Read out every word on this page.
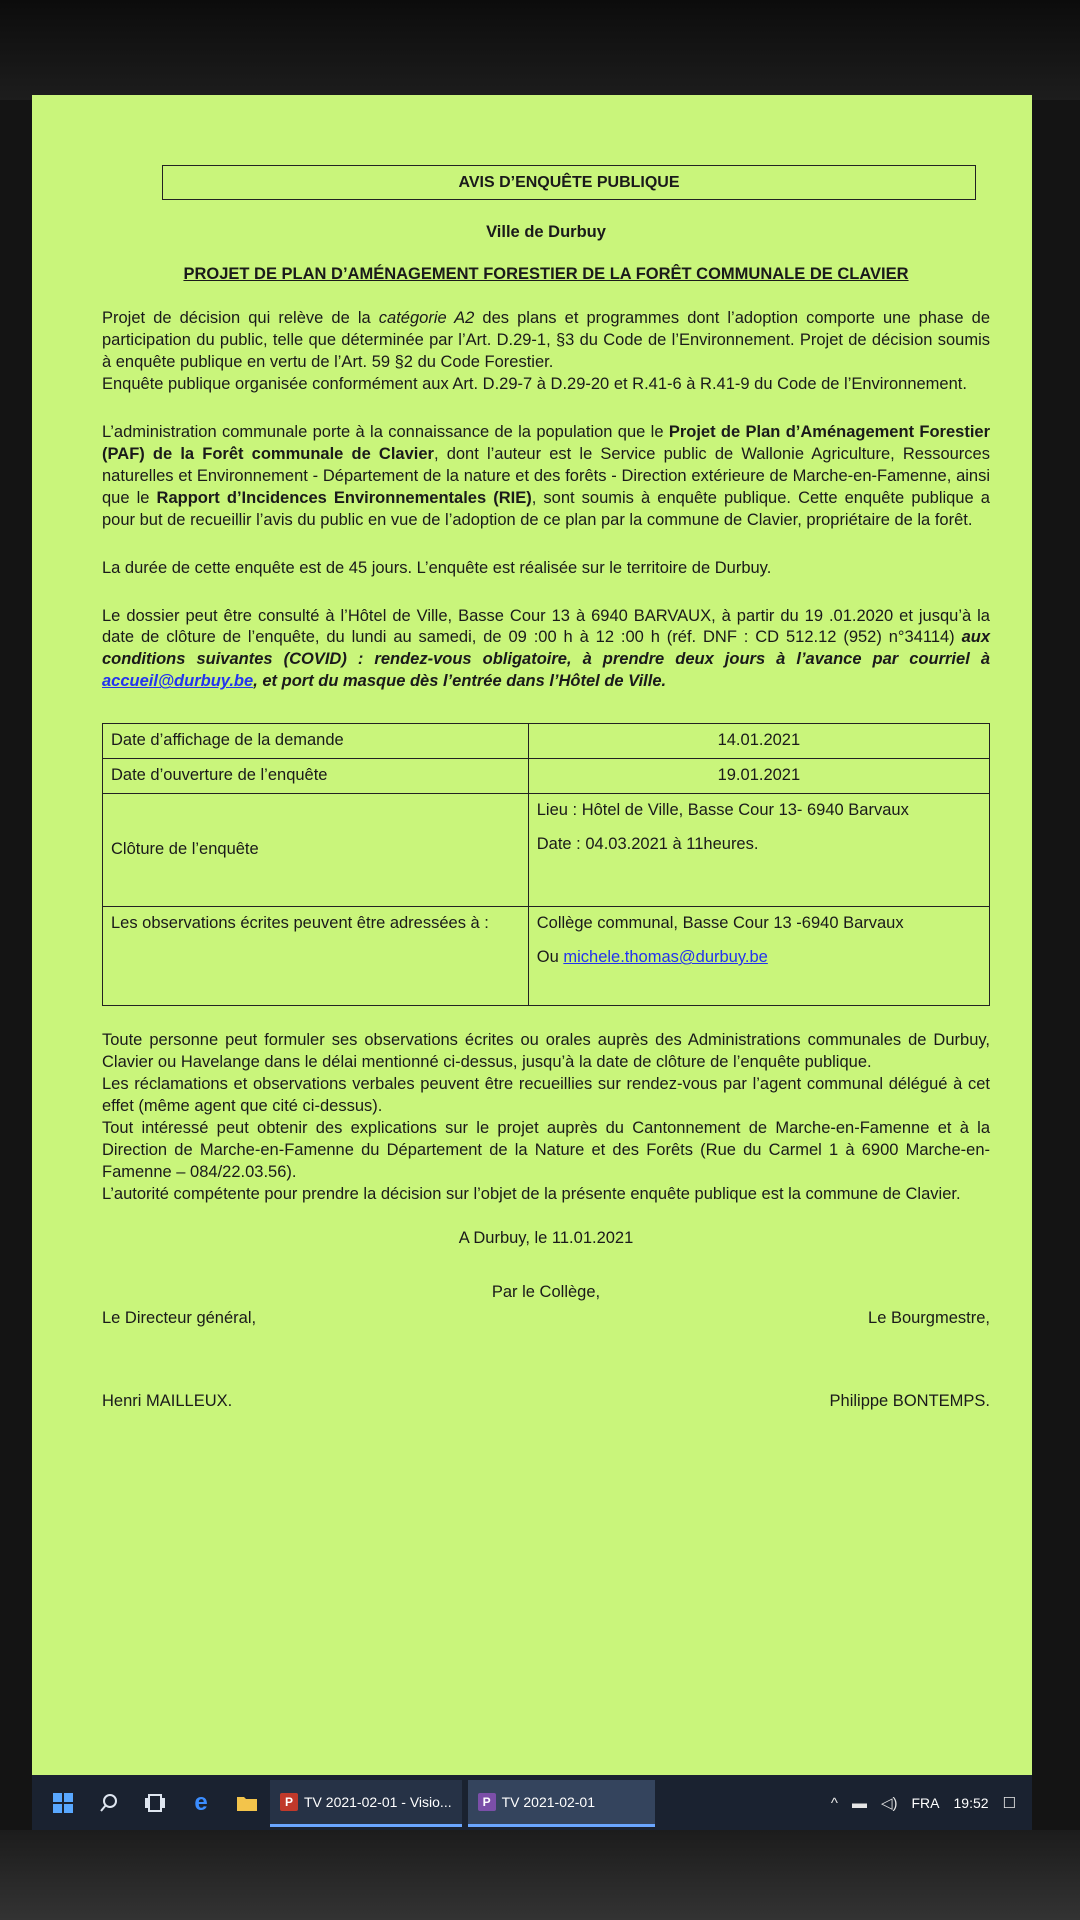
AVIS D’ENQUÊTE PUBLIQUE
Ville de Durbuy
PROJET DE PLAN D’AMÉNAGEMENT FORESTIER DE LA FORÊT COMMUNALE DE CLAVIER

Projet de décision qui relève de la catégorie A2 des plans et programmes dont l’adoption comporte une phase de participation du public, telle que déterminée par l’Art. D.29-1, §3 du Code de l’Environnement. Projet de décision soumis à enquête publique en vertu de l’Art. 59 §2 du Code Forestier.

Enquête publique organisée conformément aux Art. D.29-7 à D.29-20 et R.41-6 à R.41-9 du Code de l’Environnement.

L’administration communale porte à la connaissance de la population que le Projet de Plan d’Aménagement Forestier (PAF) de la Forêt communale de Clavier, dont l’auteur est le Service public de Wallonie Agriculture, Ressources naturelles et Environnement - Département de la nature et des forêts - Direction extérieure de Marche-en-Famenne, ainsi que le Rapport d’Incidences Environnementales (RIE), sont soumis à enquête publique. Cette enquête publique a pour but de recueillir l’avis du public en vue de l’adoption de ce plan par la commune de Clavier, propriétaire de la forêt.

La durée de cette enquête est de 45 jours. L’enquête est réalisée sur le territoire de Durbuy.

Le dossier peut être consulté à l’Hôtel de Ville, Basse Cour 13 à 6940 BARVAUX, à partir du 19 .01.2020 et jusqu’à la date de clôture de l’enquête, du lundi au samedi, de 09 :00 h à 12 :00 h (réf. DNF : CD 512.12 (952) n°34114) aux conditions suivantes (COVID) : rendez-vous obligatoire, à prendre deux jours à l’avance par courriel à accueil@durbuy.be, et port du masque dès l’entrée dans l’Hôtel de Ville.

Date d’affichage de la demande	14.01.2021
Date d’ouverture de l’enquête	19.01.2021
Clôture de l’enquête	Lieu : Hôtel de Ville, Basse Cour 13- 6940 Barvaux
Date : 04.03.2021 à 11heures.

Les observations écrites peuvent être adressées à :	Collège communal, Basse Cour 13 -6940 Barvaux
Ou michele.thomas@durbuy.be

Toute personne peut formuler ses observations écrites ou orales auprès des Administrations communales de Durbuy, Clavier ou Havelange dans le délai mentionné ci-dessus, jusqu’à la date de clôture de l’enquête publique.

Les réclamations et observations verbales peuvent être recueillies sur rendez-vous par l’agent communal délégué à cet effet (même agent que cité ci-dessus).

Tout intéressé peut obtenir des explications sur le projet auprès du Cantonnement de Marche-en-Famenne et à la Direction de Marche-en-Famenne du Département de la Nature et des Forêts (Rue du Carmel 1 à 6900 Marche-en-Famenne – 084/22.03.56).

L’autorité compétente pour prendre la décision sur l’objet de la présente enquête publique est la commune de Clavier.

A Durbuy, le 11.01.2021
Par le Collège,
Le Directeur général,	Le Bourgmestre,
Henri MAILLEUX.	Philippe BONTEMPS.
e	P TV 2021-02-01 - Visio...	P TV 2021-02-01	^ ▬ ◁) FRA 19:52 ☐
